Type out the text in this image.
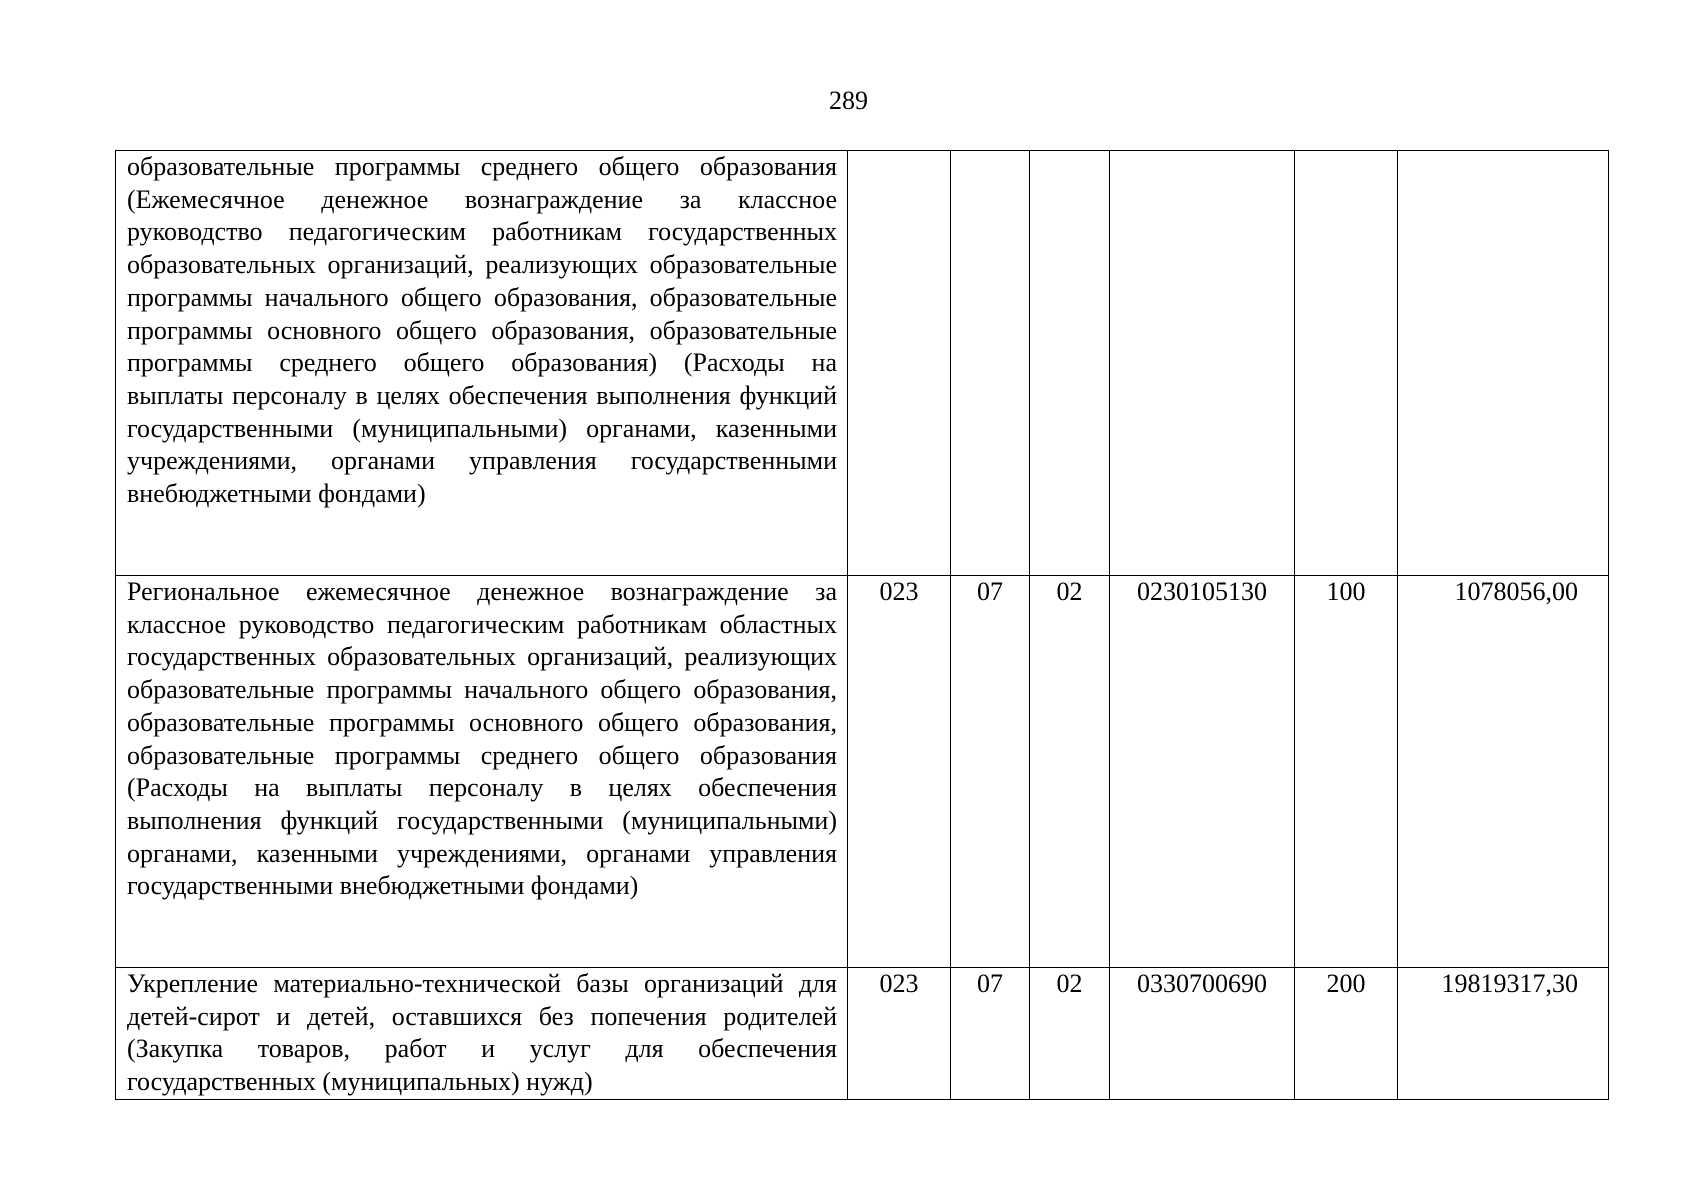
289
образовательные программы среднего общего образования (Ежемесячное денежное вознаграждение за классное руководство педагогическим работникам государственных образовательных организаций, реализующих образовательные программы начального общего образования, образовательные программы основного общего образования, образовательные программы среднего общего образования) (Расходы на выплаты персоналу в целях обеспечения выполнения функций государственными (муниципальными) органами, казенными учреждениями, органами управления государственными внебюджетными фондами)						
Региональное ежемесячное денежное вознаграждение за классное руководство педагогическим работникам областных государственных образовательных организаций, реализующих образовательные программы начального общего образования, образовательные программы основного общего образования, образовательные программы среднего общего образования (Расходы на выплаты персоналу в целях обеспечения выполнения функций государственными (муниципальными) органами, казенными учреждениями, органами управления государственными внебюджетными фондами)	023	07	02	0230105130	100	1078056,00
Укрепление материально-технической базы организаций для детей-сирот и детей, оставшихся без попечения родителей (Закупка товаров, работ и услуг для обеспечения государственных (муниципальных) нужд)	023	07	02	0330700690	200	19819317,30
